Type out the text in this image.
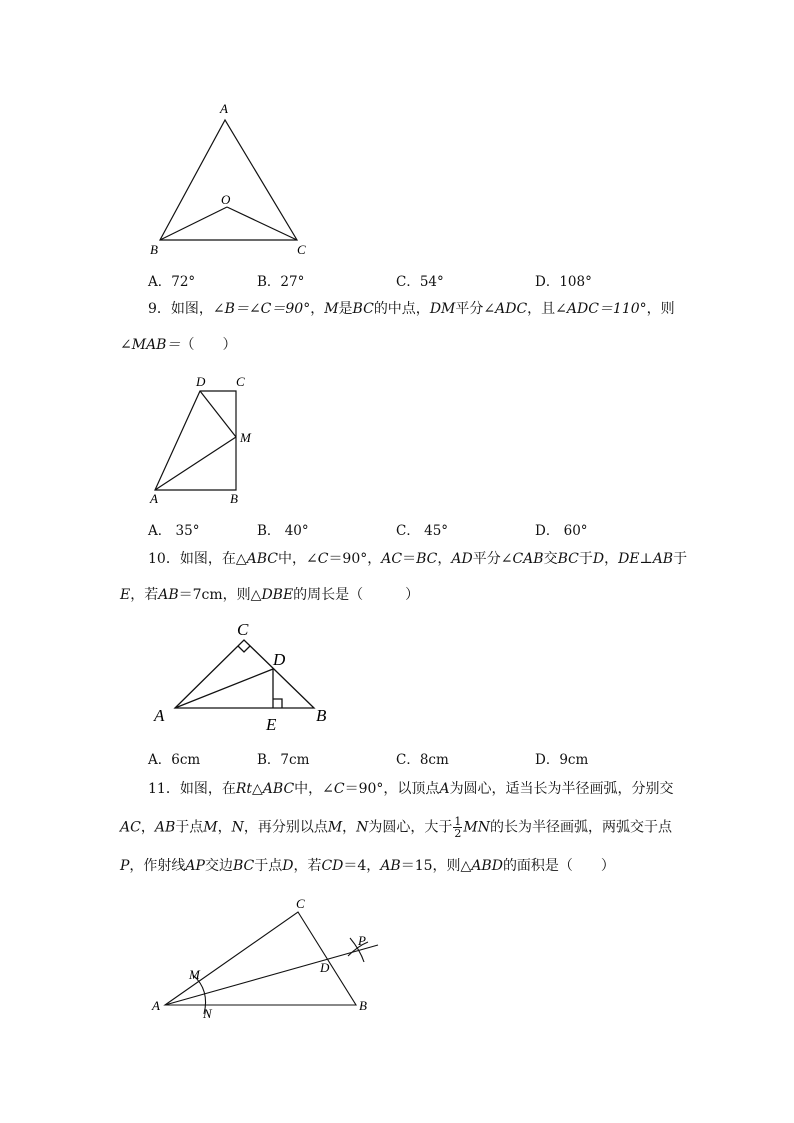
A
O
B	C
A．72°	B．27°	C．54°	D．108°
9．如图，∠B＝∠C＝90°，M是BC的中点，DM平分∠ADC，且∠ADC＝110°，则
∠MAB＝（　　）
D C
M
A	B
A． 35°	B． 40°	C． 45°	D． 60°
10．如图，在△ABC中，∠C＝90°，AC＝BC，AD平分∠CAB交BC于D，DE⊥AB于
E，若AB＝7cm，则△DBE的周长是（　　　）
C
D
A	E B
A．6cm	B．7cm	C．8cm	D．9cm
11．如图，在Rt△ABC中，∠C＝90°，以顶点A为圆心，适当长为半径画弧，分别交
AC，AB于点M，N，再分别以点M，N为圆心，大于 $\frac{1}{2}$ MN的长为半径画弧，两弧交于点
P，作射线AP交边BC于点D，若CD＝4，AB＝15，则△ABD的面积是（　　）
C
P
M	D
A
N
B
